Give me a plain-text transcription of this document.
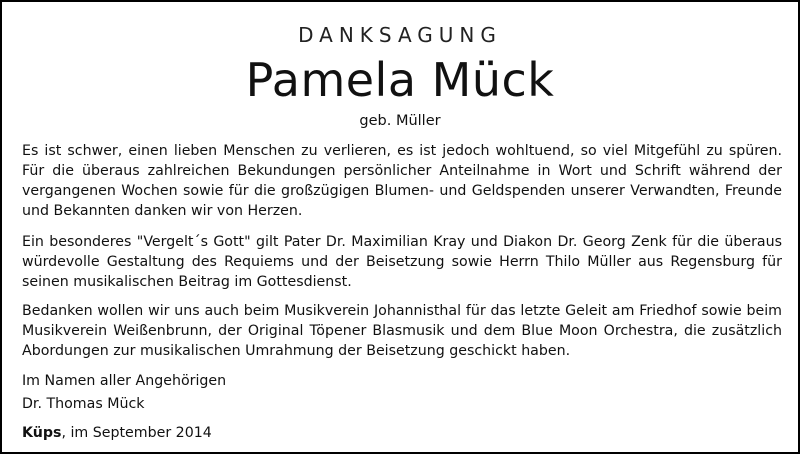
DANKSAGUNG
Pamela Mück
geb. Müller

Es ist schwer, einen lieben Menschen zu verlieren, es ist jedoch wohltuend, so viel Mitgefühl zu spüren. Für die überaus zahlreichen Bekundungen persönlicher Anteilnahme in Wort und Schrift während der vergangenen Wochen sowie für die großzügigen Blumen- und Geldspenden unserer Verwandten, Freunde und Bekannten danken wir von Herzen.

Ein besonderes "Vergelt´s Gott" gilt Pater Dr. Maximilian Kray und Diakon Dr. Georg Zenk für die überaus würdevolle Gestaltung des Requiems und der Beisetzung sowie Herrn Thilo Müller aus Regensburg für seinen musikalischen Beitrag im Gottesdienst.

Bedanken wollen wir uns auch beim Musikverein Johannisthal für das letzte Geleit am Friedhof sowie beim Musikverein Weißenbrunn, der Original Töpener Blasmusik und dem Blue Moon Orchestra, die zusätzlich Abordungen zur musikalischen Umrahmung der Beisetzung geschickt haben.

Im Namen aller Angehörigen

Dr. Thomas Mück

Küps, im September 2014
